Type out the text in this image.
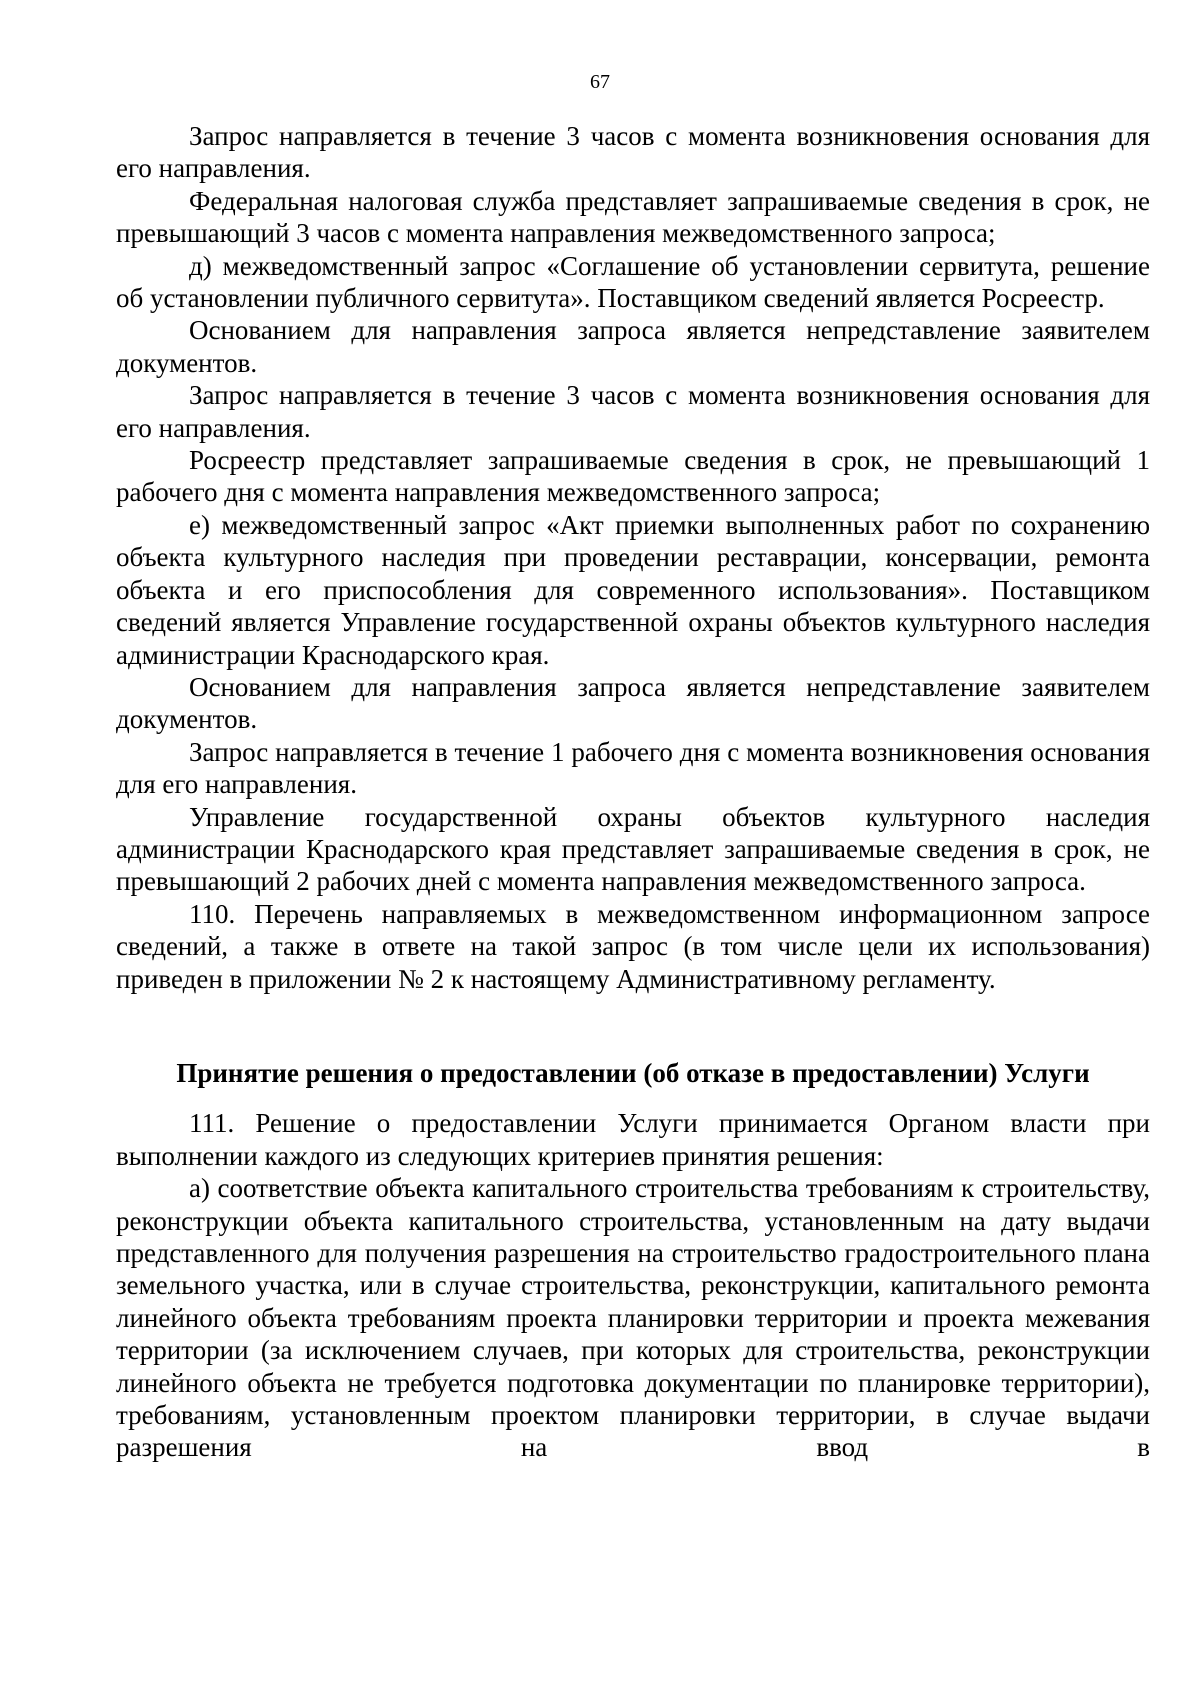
67

Запрос направляется в течение 3 часов с момента возникновения основания для его направления.

Федеральная налоговая служба представляет запрашиваемые сведения в срок, не превышающий 3 часов с момента направления межведомственного запроса;

д) межведомственный запрос «Соглашение об установлении сервитута, решение об установлении публичного сервитута». Поставщиком сведений является Росреестр.

Основанием для направления запроса является непредставление заявителем документов.

Запрос направляется в течение 3 часов с момента возникновения основания для его направления.

Росреестр представляет запрашиваемые сведения в срок, не превышающий 1 рабочего дня с момента направления межведомственного запроса;

е) межведомственный запрос «Акт приемки выполненных работ по сохранению объекта культурного наследия при проведении реставрации, консервации, ремонта объекта и его приспособления для современного использования». Поставщиком сведений является Управление государственной охраны объектов культурного наследия администрации Краснодарского края.

Основанием для направления запроса является непредставление заявителем документов.

Запрос направляется в течение 1 рабочего дня с момента возникновения основания для его направления.

Управление государственной охраны объектов культурного наследия администрации Краснодарского края представляет запрашиваемые сведения в срок, не превышающий 2 рабочих дней с момента направления межведомственного запроса.

110. Перечень направляемых в межведомственном информационном запросе сведений, а также в ответе на такой запрос (в том числе цели их использования) приведен в приложении № 2 к настоящему Административному регламенту.

Принятие решения о предоставлении (об отказе в предоставлении) Услуги

111. Решение о предоставлении Услуги принимается Органом власти при выполнении каждого из следующих критериев принятия решения:

а) соответствие объекта капитального строительства требованиям к строительству, реконструкции объекта капитального строительства, установленным на дату выдачи представленного для получения разрешения на строительство градостроительного плана земельного участка, или в случае строительства, реконструкции, капитального ремонта линейного объекта требованиям проекта планировки территории и проекта межевания территории (за исключением случаев, при которых для строительства, реконструкции линейного объекта не требуется подготовка документации по планировке территории), требованиям, установленным проектом планировки территории, в случае выдачи разрешения на ввод в
